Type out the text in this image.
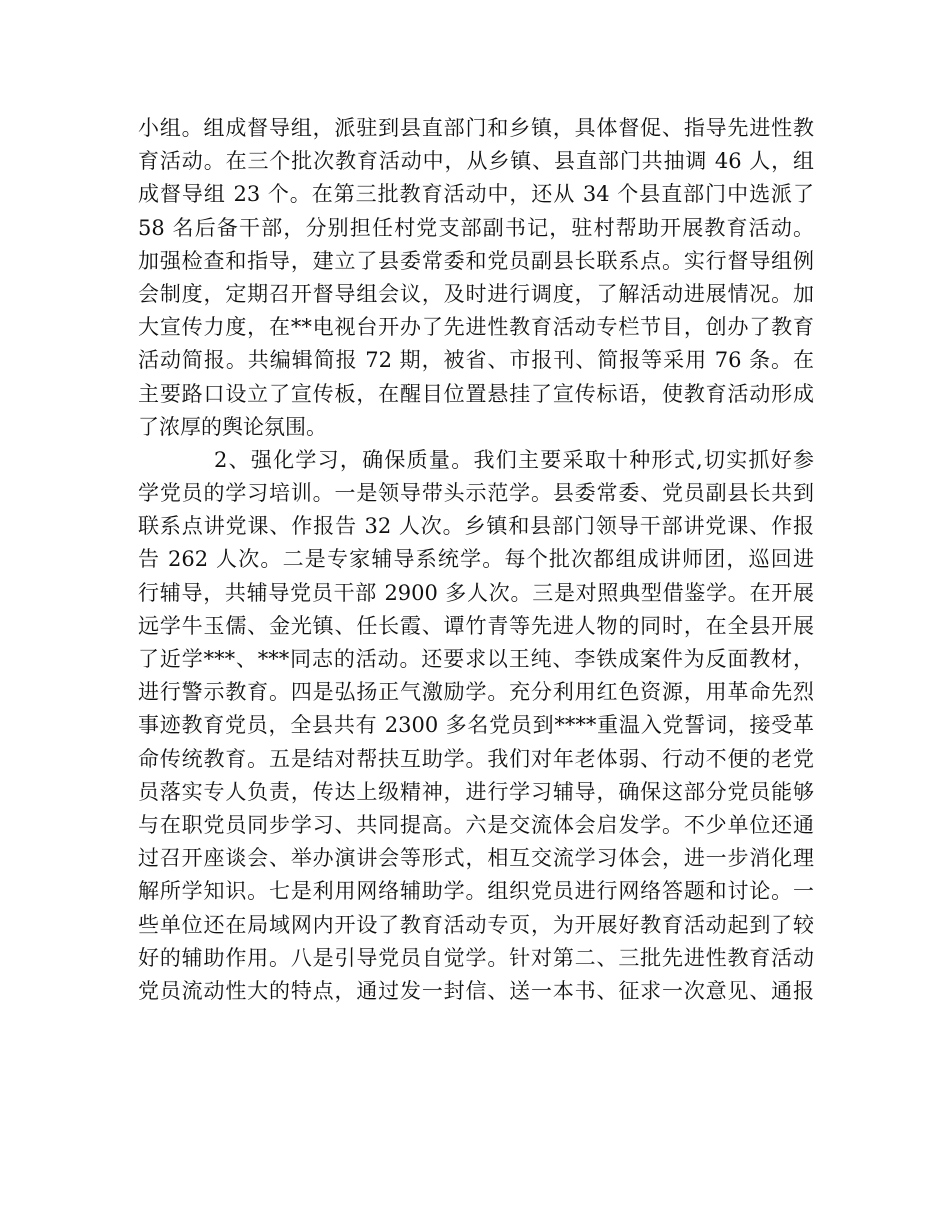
小组。组成督导组，派驻到县直部门和乡镇，具体督促、指导先进性教
育活动。在三个批次教育活动中，从乡镇、县直部门共抽调 46 人，组
成督导组 23 个。在第三批教育活动中，还从 34 个县直部门中选派了
58 名后备干部，分别担任村党支部副书记，驻村帮助开展教育活动。
加强检查和指导，建立了县委常委和党员副县长联系点。实行督导组例
会制度，定期召开督导组会议，及时进行调度，了解活动进展情况。加
大宣传力度，在**电视台开办了先进性教育活动专栏节目，创办了教育
活动简报。共编辑简报 72 期，被省、市报刊、简报等采用 76 条。在
主要路口设立了宣传板，在醒目位置悬挂了宣传标语，使教育活动形成
了浓厚的舆论氛围。
2、强化学习，确保质量。我们主要采取十种形式,切实抓好参
学党员的学习培训。一是领导带头示范学。县委常委、党员副县长共到
联系点讲党课、作报告 32 人次。乡镇和县部门领导干部讲党课、作报
告 262 人次。二是专家辅导系统学。每个批次都组成讲师团，巡回进
行辅导，共辅导党员干部 2900 多人次。三是对照典型借鉴学。在开展
远学牛玉儒、金光镇、任长霞、谭竹青等先进人物的同时，在全县开展
了近学***、***同志的活动。还要求以王纯、李铁成案件为反面教材，
进行警示教育。四是弘扬正气激励学。充分利用红色资源，用革命先烈
事迹教育党员，全县共有 2300 多名党员到****重温入党誓词，接受革
命传统教育。五是结对帮扶互助学。我们对年老体弱、行动不便的老党
员落实专人负责，传达上级精神，进行学习辅导，确保这部分党员能够
与在职党员同步学习、共同提高。六是交流体会启发学。不少单位还通
过召开座谈会、举办演讲会等形式，相互交流学习体会，进一步消化理
解所学知识。七是利用网络辅助学。组织党员进行网络答题和讨论。一
些单位还在局域网内开设了教育活动专页，为开展好教育活动起到了较
好的辅助作用。八是引导党员自觉学。针对第二、三批先进性教育活动
党员流动性大的特点，通过发一封信、送一本书、征求一次意见、通报
